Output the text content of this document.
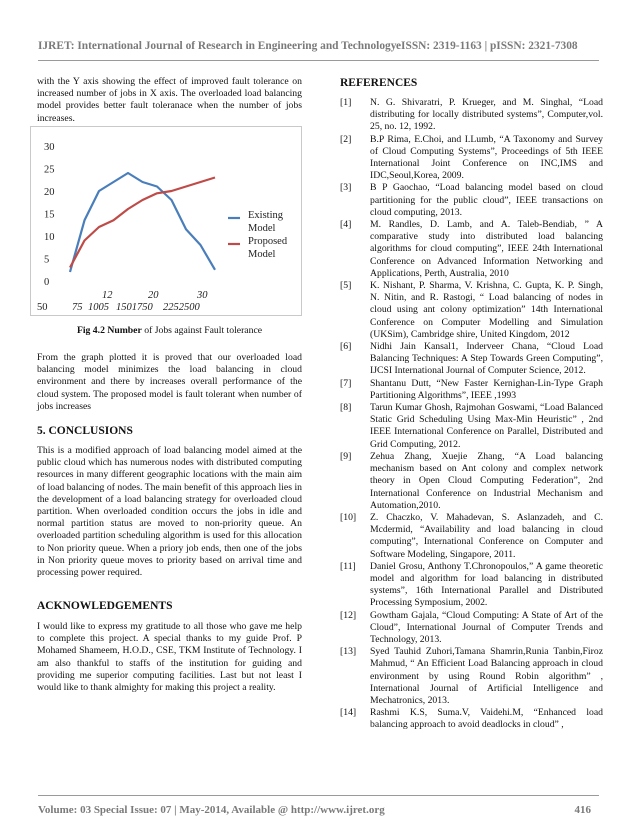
IJRET: International Journal of Research in Engineering and Technology eISSN: 2319-1163 | pISSN: 2321-7308

with the Y axis showing the effect of improved fault tolerance on increased number of jobs in X axis. The overloaded load balancing model provides better fault toleranace when the number of jobs increases.

0
5
10
15
20
25
30
12	20	30
50 75 1005 1501750 2252500
Existing
Model
Proposed
Model
Fig 4.2 Number of Jobs against Fault tolerance

From the graph plotted it is proved that our overloaded load balancing model minimizes the load balancing in cloud environment and there by increases overall performance of the cloud system. The proposed model is fault tolerant when number of jobs increases

5. CONCLUSIONS

This is a modified approach of load balancing model aimed at the public cloud which has numerous nodes with distributed computing resources in many different geographic locations with the main aim of load balancing of nodes. The main benefit of this approach lies in the development of a load balancing strategy for overloaded cloud partition. When overloaded condition occurs the jobs in idle and normal partition status are moved to non-priority queue. An overloaded partition scheduling algorithm is used for this allocation to Non priority queue. When a priory job ends, then one of the jobs in Non priority queue moves to priority based on arrival time and processing power required.

ACKNOWLEDGEMENTS

I would like to express my gratitude to all those who gave me help to complete this project. A special thanks to my guide Prof. P Mohamed Shameem, H.O.D., CSE, TKM Institute of Technology. I am also thankful to staffs of the institution for guiding and providing me superior computing facilities. Last but not least I would like to thank almighty for making this project a reality.

REFERENCES
[1] N. G. Shivaratri, P. Krueger, and M. Singhal, “Load distributing for locally distributed systems”, Computer,vol. 25, no. 12, 1992.
[2] B.P Rima, E.Choi, and I.Lumb, “A Taxonomy and Survey of Cloud Computing Systems”, Proceedings of 5th IEEE International Joint Conference on INC,IMS and IDC,Seoul,Korea, 2009.
[3] B P Gaochao, “Load balancing model based on cloud partitioning for the public cloud”, IEEE transactions on cloud computing, 2013.
[4] M. Randles, D. Lamb, and A. Taleb-Bendiab, ” A comparative study into distributed load balancing algorithms for cloud computing”, IEEE 24th International Conference on Advanced Information Networking and Applications, Perth, Australia, 2010
[5] K. Nishant, P. Sharma, V. Krishna, C. Gupta, K. P. Singh, N. Nitin, and R. Rastogi, “ Load balancing of nodes in cloud using ant colony optimization” 14th International Conference on Computer Modelling and Simulation (UKSim), Cambridge shire, United Kingdom, 2012
[6] Nidhi Jain Kansal1, Inderveer Chana, “Cloud Load Balancing Techniques: A Step Towards Green Computing”, IJCSI International Journal of Computer Science, 2012.
[7] Shantanu Dutt, “New Faster Kernighan-Lin-Type Graph Partitioning Algorithms”, IEEE ,1993
[8] Tarun Kumar Ghosh, Rajmohan Goswami, “Load Balanced Static Grid Scheduling Using Max-Min Heuristic” , 2nd IEEE International Conference on Parallel, Distributed and Grid Computing, 2012.
[9] Zehua Zhang, Xuejie Zhang, “A Load balancing mechanism based on Ant colony and complex network theory in Open Cloud Computing Federation”, 2nd International Conference on Industrial Mechanism and Automation,2010.
[10] Z. Chaczko, V. Mahadevan, S. Aslanzadeh, and C. Mcdermid, “Availability and load balancing in cloud computing”, International Conference on Computer and Software Modeling, Singapore, 2011.
[11] Daniel Grosu, Anthony T.Chronopoulos,” A game theoretic model and algorithm for load balancing in distributed systems”, 16th International Parallel and Distributed Processing Symposium, 2002.
[12] Gowtham Gajala, “Cloud Computing: A State of Art of the Cloud”, International Journal of Computer Trends and Technology, 2013.
[13] Syed Tauhid Zuhori,Tamana Shamrin,Runia Tanbin,Firoz Mahmud, “ An Efficient Load Balancing approach in cloud environment by using Round Robin algorithm” , International Journal of Artificial Intelligence and Mechatronics, 2013.
[14] Rashmi K.S, Suma.V, Vaidehi.M, “Enhanced load balancing approach to avoid deadlocks in cloud” ,
Volume: 03 Special Issue: 07 | May-2014, Available @ http://www.ijret.org	416
